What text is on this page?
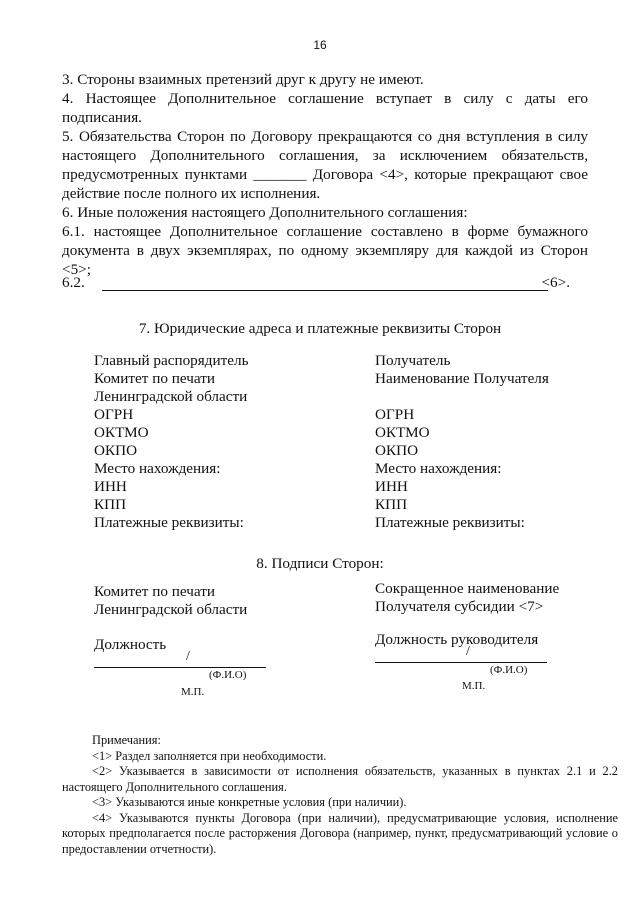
16

3. Стороны взаимных претензий друг к другу не имеют.

4. Настоящее Дополнительное соглашение вступает в силу с даты его подписания.

5. Обязательства Сторон по Договору прекращаются со дня вступления в силу настоящего Дополнительного соглашения, за исключением обязательств, предусмотренных пунктами _______ Договора <4>, которые прекращают свое действие после полного их исполнения.

6. Иные положения настоящего Дополнительного соглашения:

6.1. настоящее Дополнительное соглашение составлено в форме бумажного документа в двух экземплярах, по одному экземпляру для каждой из Сторон <5>;

6.2.	<6>.
7. Юридические адреса и платежные реквизиты Сторон
Главный распорядитель
Комитет по печати
Ленинградской области
ОГРН
ОКТМО
ОКПО
Место нахождения:
ИНН
КПП
Платежные реквизиты:
Получатель
Наименование Получателя
ОГРН
ОКТМО
ОКПО
Место нахождения:
ИНН
КПП
Платежные реквизиты:
8. Подписи Сторон:
Комитет по печати
Ленинградской области
Должность
/
(Ф.И.О)
М.П.
Сокращенное наименование
Получателя субсидии <7>
Должность руководителя
/
(Ф.И.О)
М.П.

Примечания:

<1> Раздел заполняется при необходимости.

<2> Указывается в зависимости от исполнения обязательств, указанных в пунктах 2.1 и 2.2 настоящего Дополнительного соглашения.

<3> Указываются иные конкретные условия (при наличии).

<4> Указываются пункты Договора (при наличии), предусматривающие условия, исполнение которых предполагается после расторжения Договора (например, пункт, предусматривающий условие о предоставлении отчетности).
